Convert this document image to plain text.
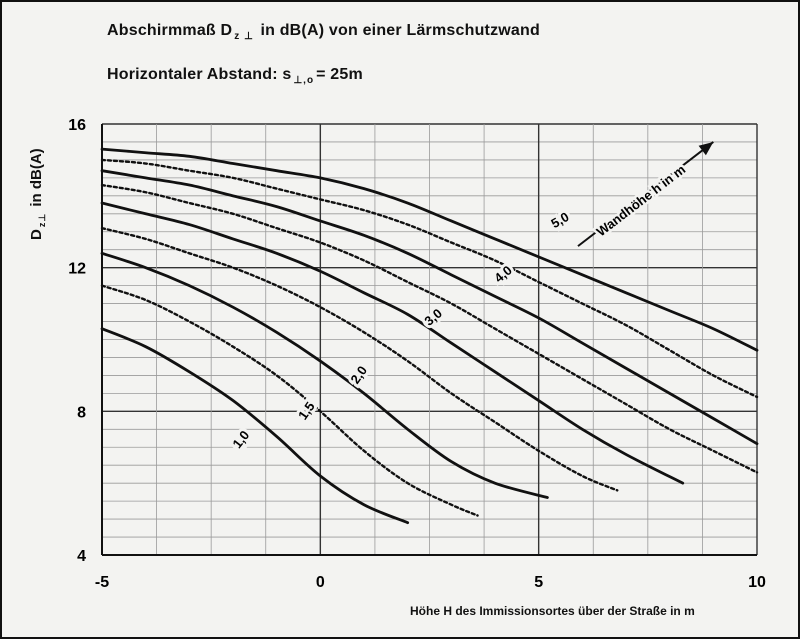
Abschirmmaß D $_{z \perp}$ in dB(A) von einer Lärmschutzwand
Horizontaler Abstand: s $_{\perp,o}$ = 25m
-5	0	5	10
4
8
12
16
1,0
1,5
2,0
3,0
4,0
5,0 Wandhöhe h in m
$D_{z\perp}$ in dB(A)
Höhe H des Immissionsortes über der Straße in m
